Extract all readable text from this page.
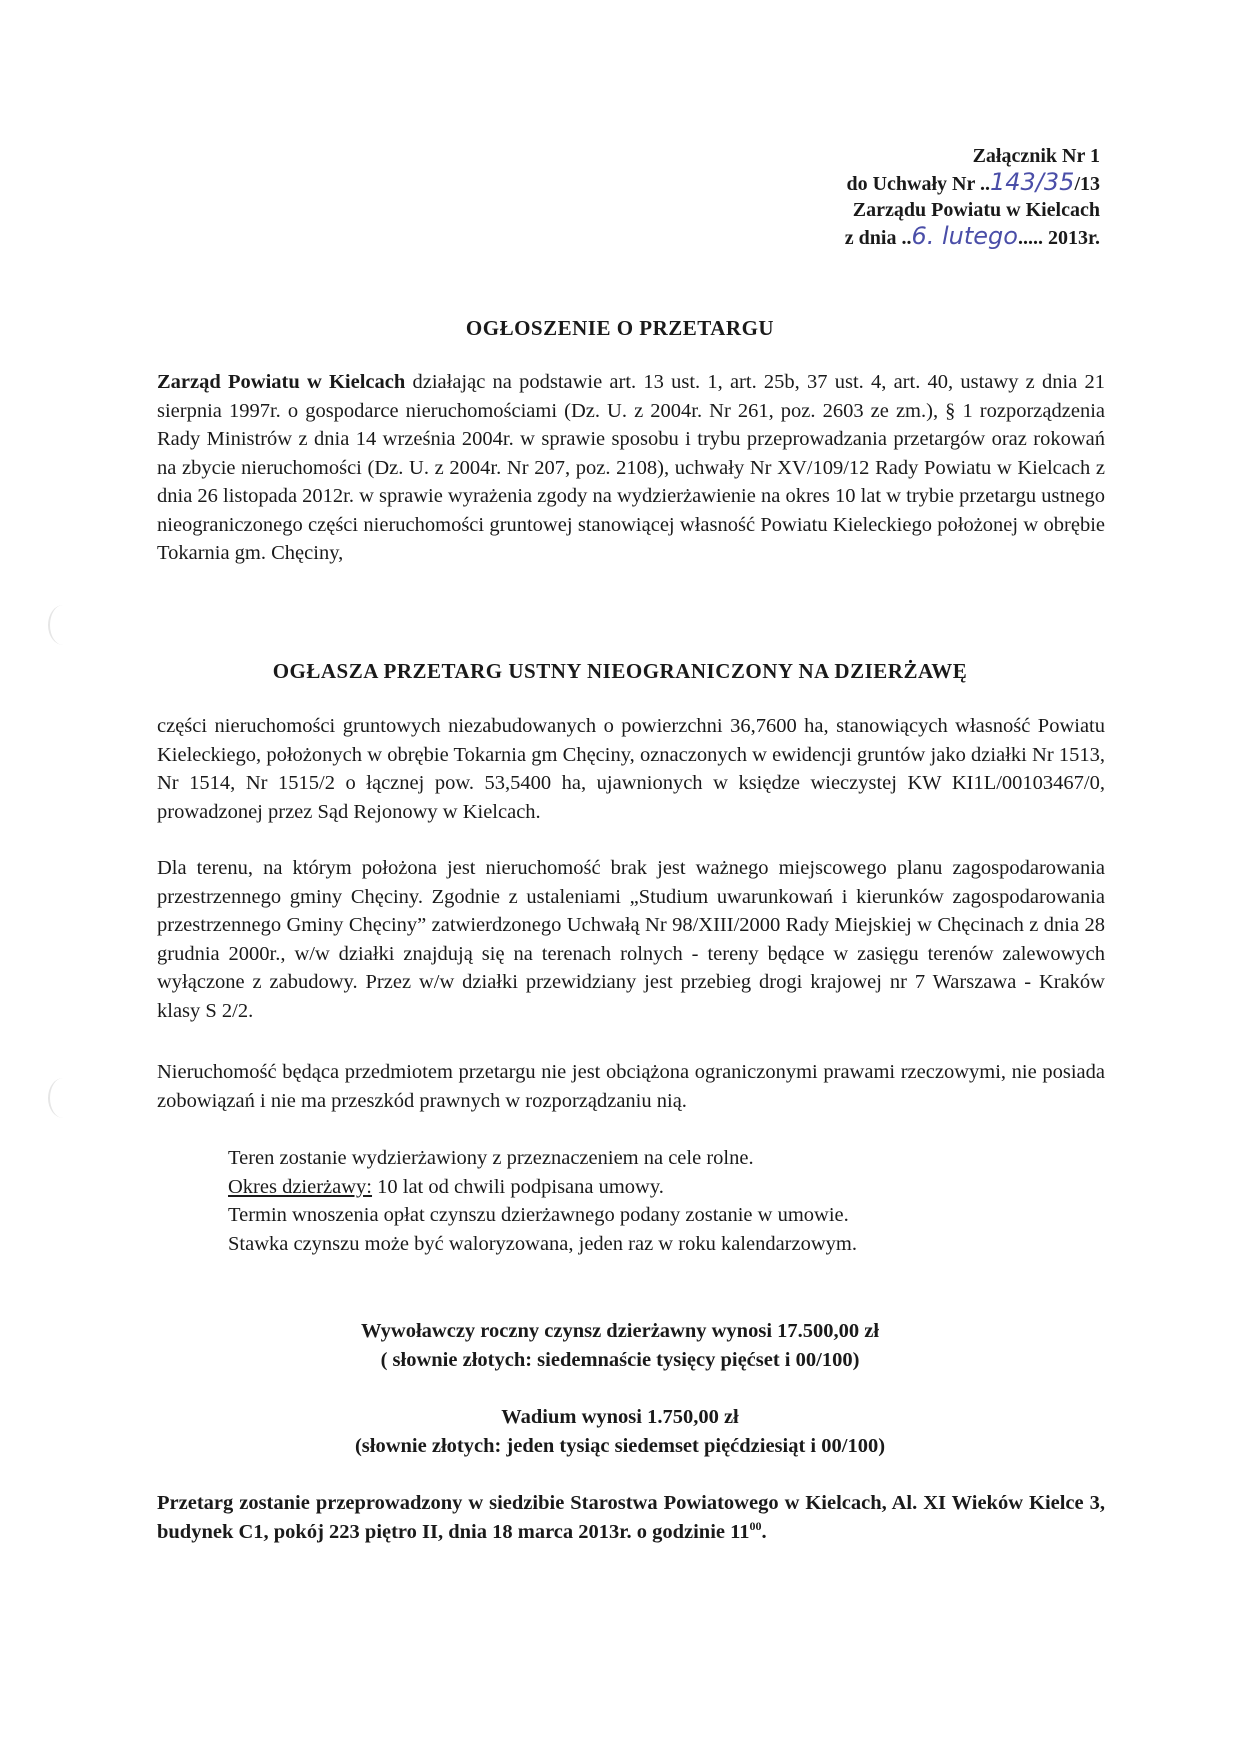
Załącznik Nr 1
do Uchwały Nr ..143/35/13
Zarządu Powiatu w Kielcach
z dnia ..6. lutego..... 2013r.
OGŁOSZENIE O PRZETARGU
Zarząd Powiatu w Kielcach działając na podstawie art. 13 ust. 1, art. 25b, 37 ust. 4, art. 40, ustawy z dnia 21 sierpnia 1997r. o gospodarce nieruchomościami (Dz. U. z 2004r. Nr 261, poz. 2603 ze zm.), § 1 rozporządzenia Rady Ministrów z dnia 14 września 2004r. w sprawie sposobu i trybu przeprowadzania przetargów oraz rokowań na zbycie nieruchomości (Dz. U. z 2004r. Nr 207, poz. 2108), uchwały Nr XV/109/12 Rady Powiatu w Kielcach z dnia 26 listopada 2012r. w sprawie wyrażenia zgody na wydzierżawienie na okres 10 lat w trybie przetargu ustnego nieograniczonego części nieruchomości gruntowej stanowiącej własność Powiatu Kieleckiego położonej w obrębie Tokarnia gm. Chęciny,
OGŁASZA PRZETARG USTNY NIEOGRANICZONY NA DZIERŻAWĘ
części nieruchomości gruntowych niezabudowanych o powierzchni 36,7600 ha, stanowiących własność Powiatu Kieleckiego, położonych w obrębie Tokarnia gm Chęciny, oznaczonych w ewidencji gruntów jako działki Nr 1513, Nr 1514, Nr 1515/2 o łącznej pow. 53,5400 ha, ujawnionych w księdze wieczystej KW KI1L/00103467/0, prowadzonej przez Sąd Rejonowy w Kielcach.
Dla terenu, na którym położona jest nieruchomość brak jest ważnego miejscowego planu zagospodarowania przestrzennego gminy Chęciny. Zgodnie z ustaleniami „Studium uwarunkowań i kierunków zagospodarowania przestrzennego Gminy Chęciny” zatwierdzonego Uchwałą Nr 98/XIII/2000 Rady Miejskiej w Chęcinach z dnia 28 grudnia 2000r., w/w działki znajdują się na terenach rolnych - tereny będące w zasięgu terenów zalewowych wyłączone z zabudowy. Przez w/w działki przewidziany jest przebieg drogi krajowej nr 7 Warszawa - Kraków klasy S 2/2.
Nieruchomość będąca przedmiotem przetargu nie jest obciążona ograniczonymi prawami rzeczowymi, nie posiada zobowiązań i nie ma przeszkód prawnych w rozporządzaniu nią.
Teren zostanie wydzierżawiony z przeznaczeniem na cele rolne.
Okres dzierżawy: 10 lat od chwili podpisana umowy.
Termin wnoszenia opłat czynszu dzierżawnego podany zostanie w umowie.
Stawka czynszu może być waloryzowana, jeden raz w roku kalendarzowym.
Wywoławczy roczny czynsz dzierżawny wynosi 17.500,00 zł
( słownie złotych: siedemnaście tysięcy pięćset i 00/100)
Wadium wynosi 1.750,00 zł
(słownie złotych: jeden tysiąc siedemset pięćdziesiąt i 00/100)
Przetarg zostanie przeprowadzony w siedzibie Starostwa Powiatowego w Kielcach, Al. XI Wieków Kielce 3, budynek C1, pokój 223 piętro II, dnia 18 marca 2013r. o godzinie $11^{00}$.
